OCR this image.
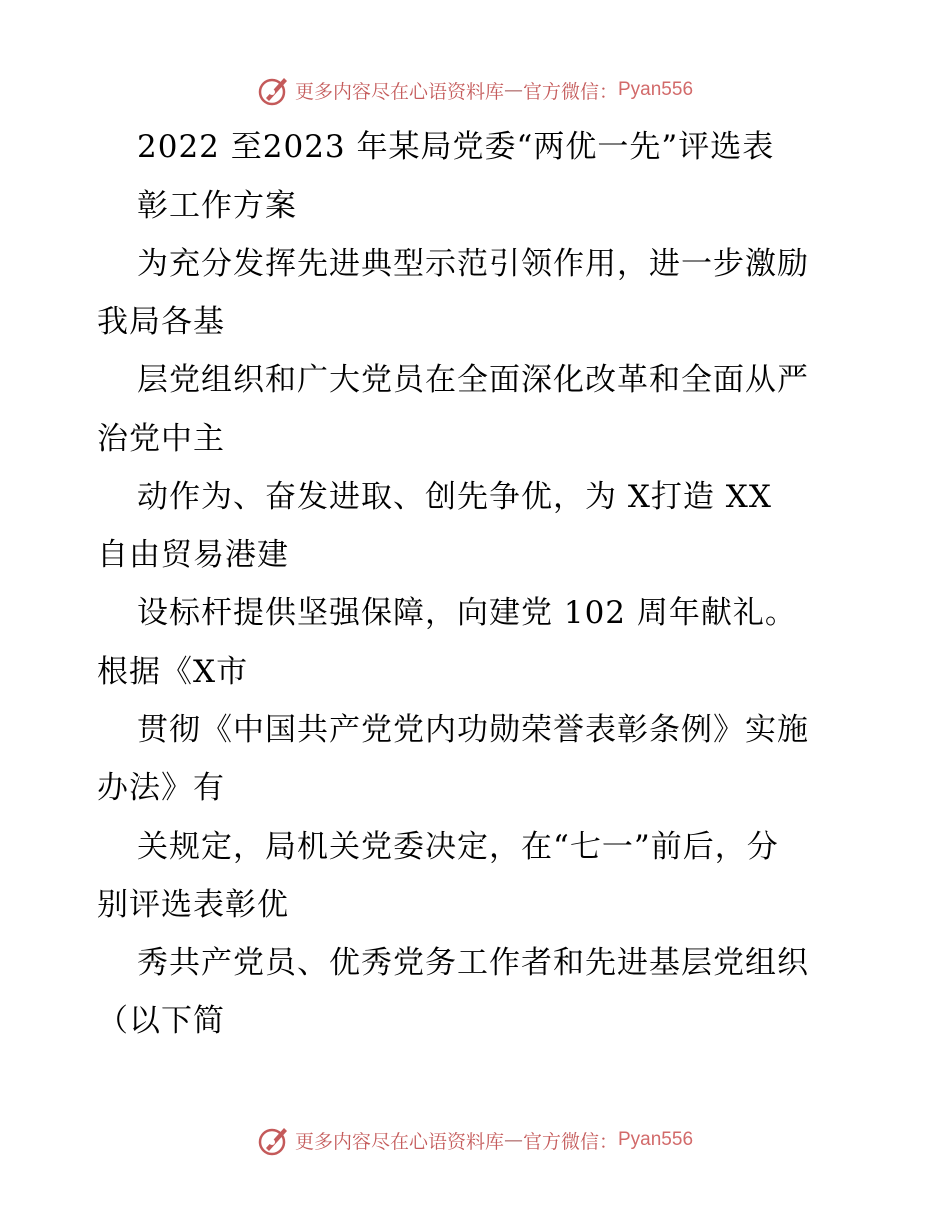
更多内容尽在心语资料库 — 官方微信： Pyan556
2022 至2023 年某局党委“两优一先”评选表
彰工作方案
为充分发挥先进典型示范引领作用，进一步激励
我局各基
层党组织和广大党员在全面深化改革和全面从严
治党中主
动作为、奋发进取、创先争优，为 X打造 XX
自由贸易港建
设标杆提供坚强保障，向建党 102 周年献礼。
根据《X市
贯彻《中国共产党党内功勋荣誉表彰条例》实施
办法》有
关规定，局机关党委决定，在“七一”前后，分
别评选表彰优
秀共产党员、优秀党务工作者和先进基层党组织
（以下简
更多内容尽在心语资料库 — 官方微信： Pyan556
